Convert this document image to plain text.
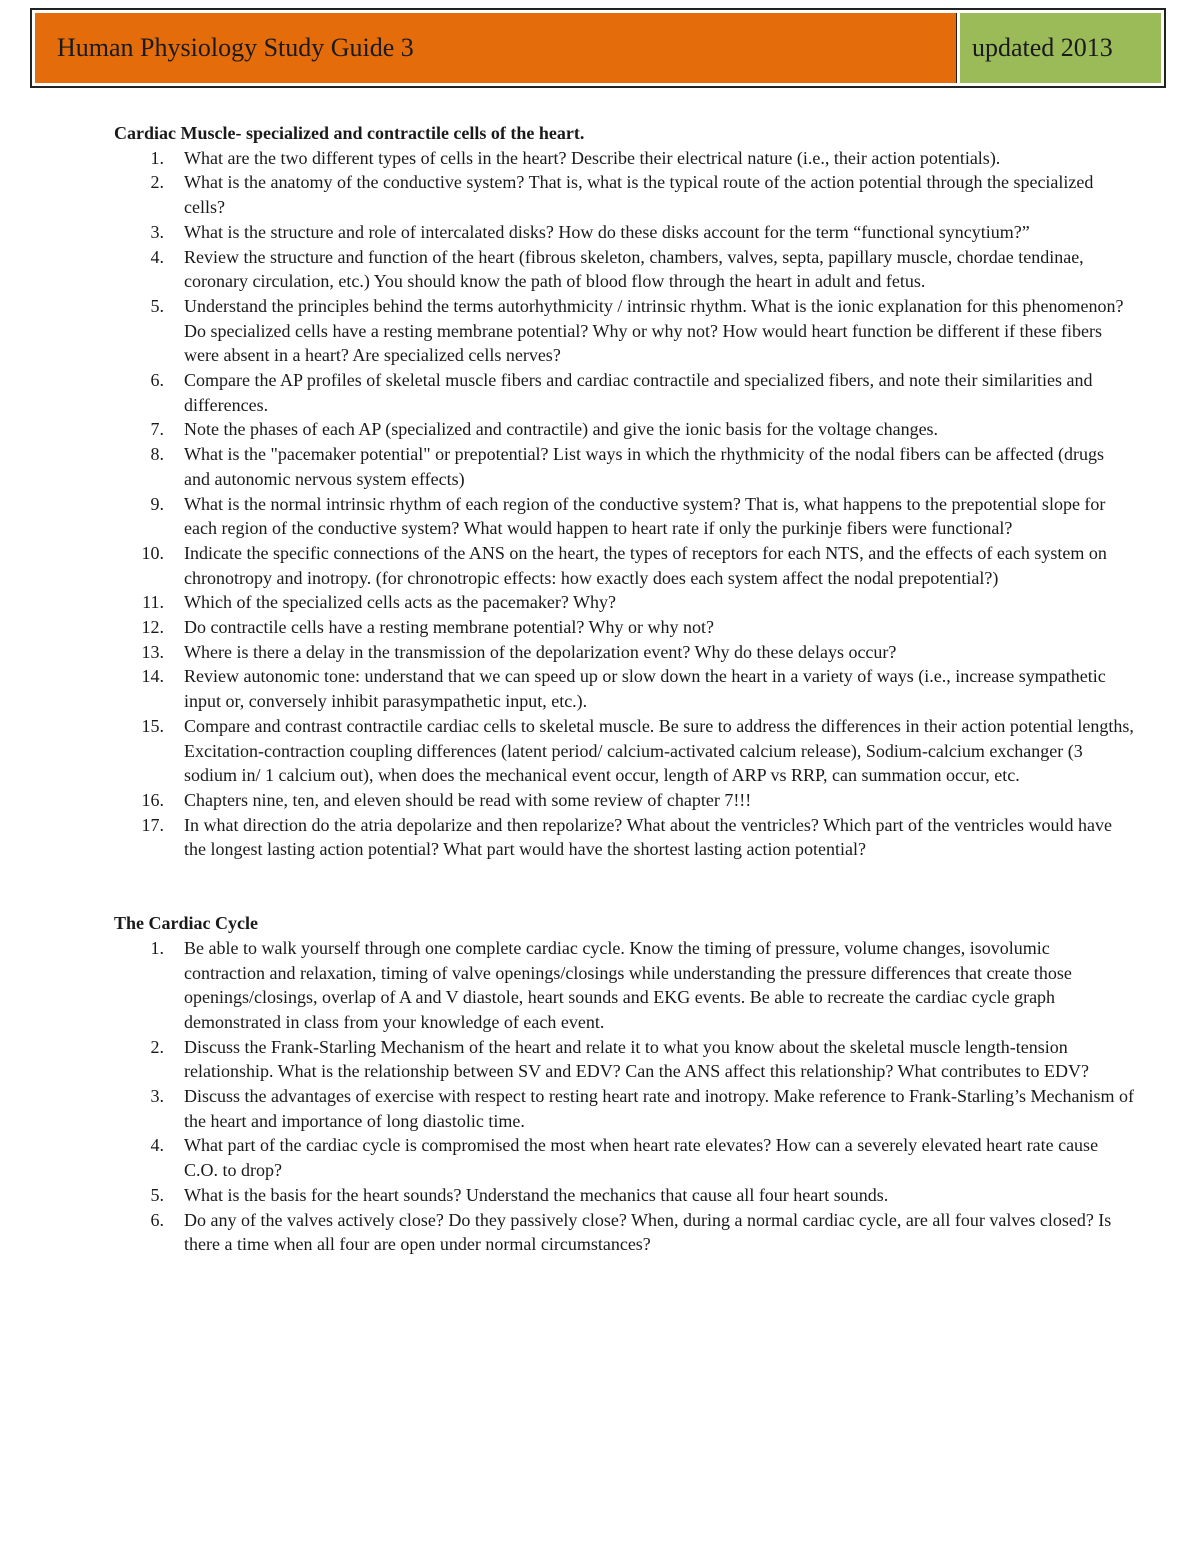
Human Physiology Study Guide 3	updated 2013

Cardiac Muscle- specialized and contractile cells of the heart.

1. What are the two different types of cells in the heart? Describe their electrical nature (i.e., their action potentials).
2. What is the anatomy of the conductive system? That is, what is the typical route of the action potential through the specialized cells?
3. What is the structure and role of intercalated disks? How do these disks account for the term “functional syncytium?”
4. Review the structure and function of the heart (fibrous skeleton, chambers, valves, septa, papillary muscle, chordae tendinae, coronary circulation, etc.) You should know the path of blood flow through the heart in adult and fetus.
5. Understand the principles behind the terms autorhythmicity / intrinsic rhythm. What is the ionic explanation for this phenomenon? Do specialized cells have a resting membrane potential? Why or why not? How would heart function be different if these fibers were absent in a heart? Are specialized cells nerves?
6. Compare the AP profiles of skeletal muscle fibers and cardiac contractile and specialized fibers, and note their similarities and differences.
7. Note the phases of each AP (specialized and contractile) and give the ionic basis for the voltage changes.
8. What is the "pacemaker potential" or prepotential? List ways in which the rhythmicity of the nodal fibers can be affected (drugs and autonomic nervous system effects)
9. What is the normal intrinsic rhythm of each region of the conductive system? That is, what happens to the prepotential slope for each region of the conductive system? What would happen to heart rate if only the purkinje fibers were functional?
10. Indicate the specific connections of the ANS on the heart, the types of receptors for each NTS, and the effects of each system on chronotropy and inotropy. (for chronotropic effects: how exactly does each system affect the nodal prepotential?)
11. Which of the specialized cells acts as the pacemaker? Why?
12. Do contractile cells have a resting membrane potential? Why or why not?
13. Where is there a delay in the transmission of the depolarization event? Why do these delays occur?
14. Review autonomic tone: understand that we can speed up or slow down the heart in a variety of ways (i.e., increase sympathetic input or, conversely inhibit parasympathetic input, etc.).
15. Compare and contrast contractile cardiac cells to skeletal muscle. Be sure to address the differences in their action potential lengths, Excitation-contraction coupling differences (latent period/ calcium-activated calcium release), Sodium-calcium exchanger (3 sodium in/ 1 calcium out), when does the mechanical event occur, length of ARP vs RRP, can summation occur, etc.
16. Chapters nine, ten, and eleven should be read with some review of chapter 7!!!
17. In what direction do the atria depolarize and then repolarize? What about the ventricles? Which part of the ventricles would have the longest lasting action potential? What part would have the shortest lasting action potential?

The Cardiac Cycle

1. Be able to walk yourself through one complete cardiac cycle. Know the timing of pressure, volume changes, isovolumic contraction and relaxation, timing of valve openings/closings while understanding the pressure differences that create those openings/closings, overlap of A and V diastole, heart sounds and EKG events. Be able to recreate the cardiac cycle graph demonstrated in class from your knowledge of each event.
2. Discuss the Frank-Starling Mechanism of the heart and relate it to what you know about the skeletal muscle length-tension relationship. What is the relationship between SV and EDV? Can the ANS affect this relationship? What contributes to EDV?
3. Discuss the advantages of exercise with respect to resting heart rate and inotropy. Make reference to Frank-Starling’s Mechanism of the heart and importance of long diastolic time.
4. What part of the cardiac cycle is compromised the most when heart rate elevates? How can a severely elevated heart rate cause C.O. to drop?
5. What is the basis for the heart sounds? Understand the mechanics that cause all four heart sounds.
6. Do any of the valves actively close? Do they passively close? When, during a normal cardiac cycle, are all four valves closed? Is there a time when all four are open under normal circumstances?
